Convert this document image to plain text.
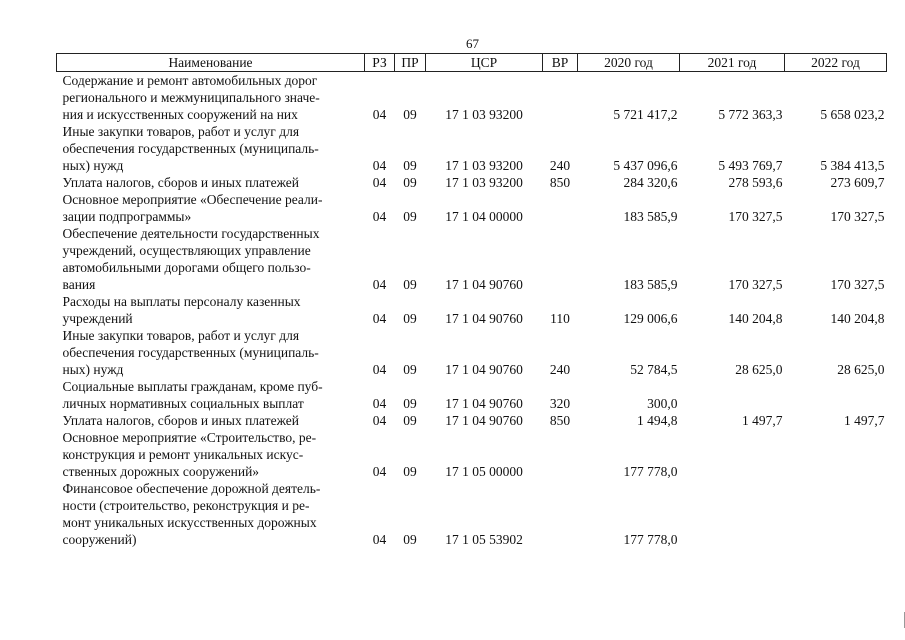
67
Наименование	РЗ	ПР	ЦСР	ВР	2020 год	2021 год	2022 год

Содержание и ремонт автомобильных дорог
регионального и межмуниципального значе-
ния и искусственных сооружений на них	04	09	17 1 03 93200		5 721 417,2	5 772 363,3	5 658 023,2

Иные закупки товаров, работ и услуг для
обеспечения государственных (муниципаль-
ных) нужд	04	09	17 1 03 93200	240	5 437 096,6	5 493 769,7	5 384 413,5

Уплата налогов, сборов и иных платежей	04	09	17 1 03 93200	850	284 320,6	278 593,6	273 609,7

Основное мероприятие «Обеспечение реали-
зации подпрограммы»	04	09	17 1 04 00000		183 585,9	170 327,5	170 327,5

Обеспечение деятельности государственных
учреждений, осуществляющих управление
автомобильными дорогами общего пользо-
вания	04	09	17 1 04 90760		183 585,9	170 327,5	170 327,5

Расходы на выплаты персоналу казенных
учреждений	04	09	17 1 04 90760	110	129 006,6	140 204,8	140 204,8

Иные закупки товаров, работ и услуг для
обеспечения государственных (муниципаль-
ных) нужд	04	09	17 1 04 90760	240	52 784,5	28 625,0	28 625,0

Социальные выплаты гражданам, кроме пуб-
личных нормативных социальных выплат	04	09	17 1 04 90760	320	300,0		

Уплата налогов, сборов и иных платежей	04	09	17 1 04 90760	850	1 494,8	1 497,7	1 497,7

Основное мероприятие «Строительство, ре-
конструкция и ремонт уникальных искус-
ственных дорожных сооружений»	04	09	17 1 05 00000		177 778,0		

Финансовое обеспечение дорожной деятель-
ности (строительство, реконструкция и ре-
монт уникальных искусственных дорожных
сооружений)	04	09	17 1 05 53902		177 778,0		
